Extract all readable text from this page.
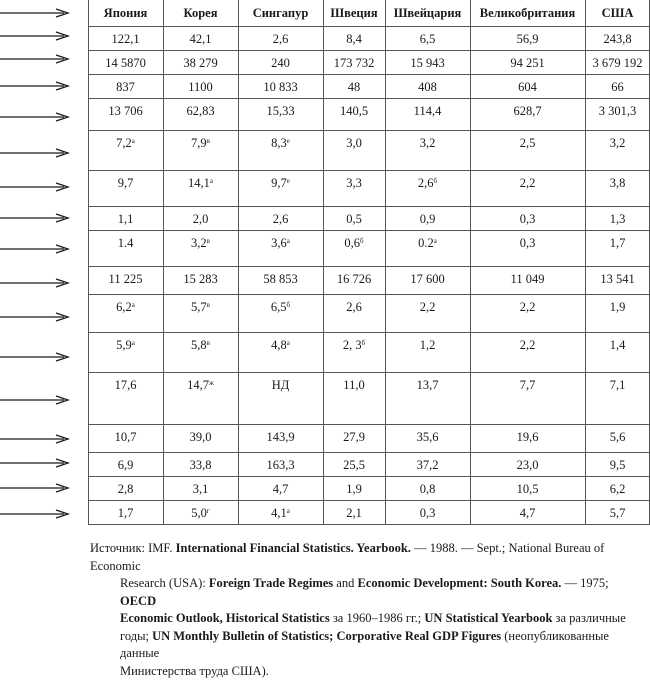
Япония	Корея	Сингапур	Швеция	Швейцария	Великобритания	США
122,1	42,1	2,6	8,4	6,5	56,9	243,8
14 5870	38 279	240	173 732	15 943	94 251	3 679 192
837	1100	10 833	48	408	604	66
13 706	62,83	15,33	140,5	114,4	628,7	3 301,3
$7,2^а$	$7,9^в$	$8,3^е$	3,0	3,2	2,5	3,2
9,7	$14,1^а$	$9,7^е$	3,3	$2,6^б$	2,2	3,8
1,1	2,0	2,6	0,5	0,9	0,3	1,3
1.4	$3,2^в$	$3,6^а$	$0,6^б$	$0.2^а$	0,3	1,7
11 225	15 283	58 853	16 726	17 600	11 049	13 541
$6,2^а$	$5,7^в$	$6,5^б$	2,6	2,2	2,2	1,9
$5,9^а$	$5,8^в$	$4,8^а$	2, $3^б$	1,2	2,2	1,4
17,6	$14,7^ж$	НД	11,0	13,7	7,7	7,1
10,7	39,0	143,9	27,9	35,6	19,6	5,6
6,9	33,8	163,3	25,5	37,2	23,0	9,5
2,8	3,1	4,7	1,9	0,8	10,5	6,2
1,7	$5,0^г$	$4,1^а$	2,1	0,3	4,7	5,7
Источник: IMF. International Financial Statistics. Yearbook. — 1988. — Sept.; National Bureau of Economic
Research (USA): Foreign Trade Regimes and Economic Development: South Korea. — 1975; OECD
Economic Outlook, Historical Statistics за 1960–1986 гг.; UN Statistical Yearbook за различные
годы; UN Monthly Bulletin of Statistics; Corporative Real GDP Figures (неопубликованные данные
Министерства труда США).
